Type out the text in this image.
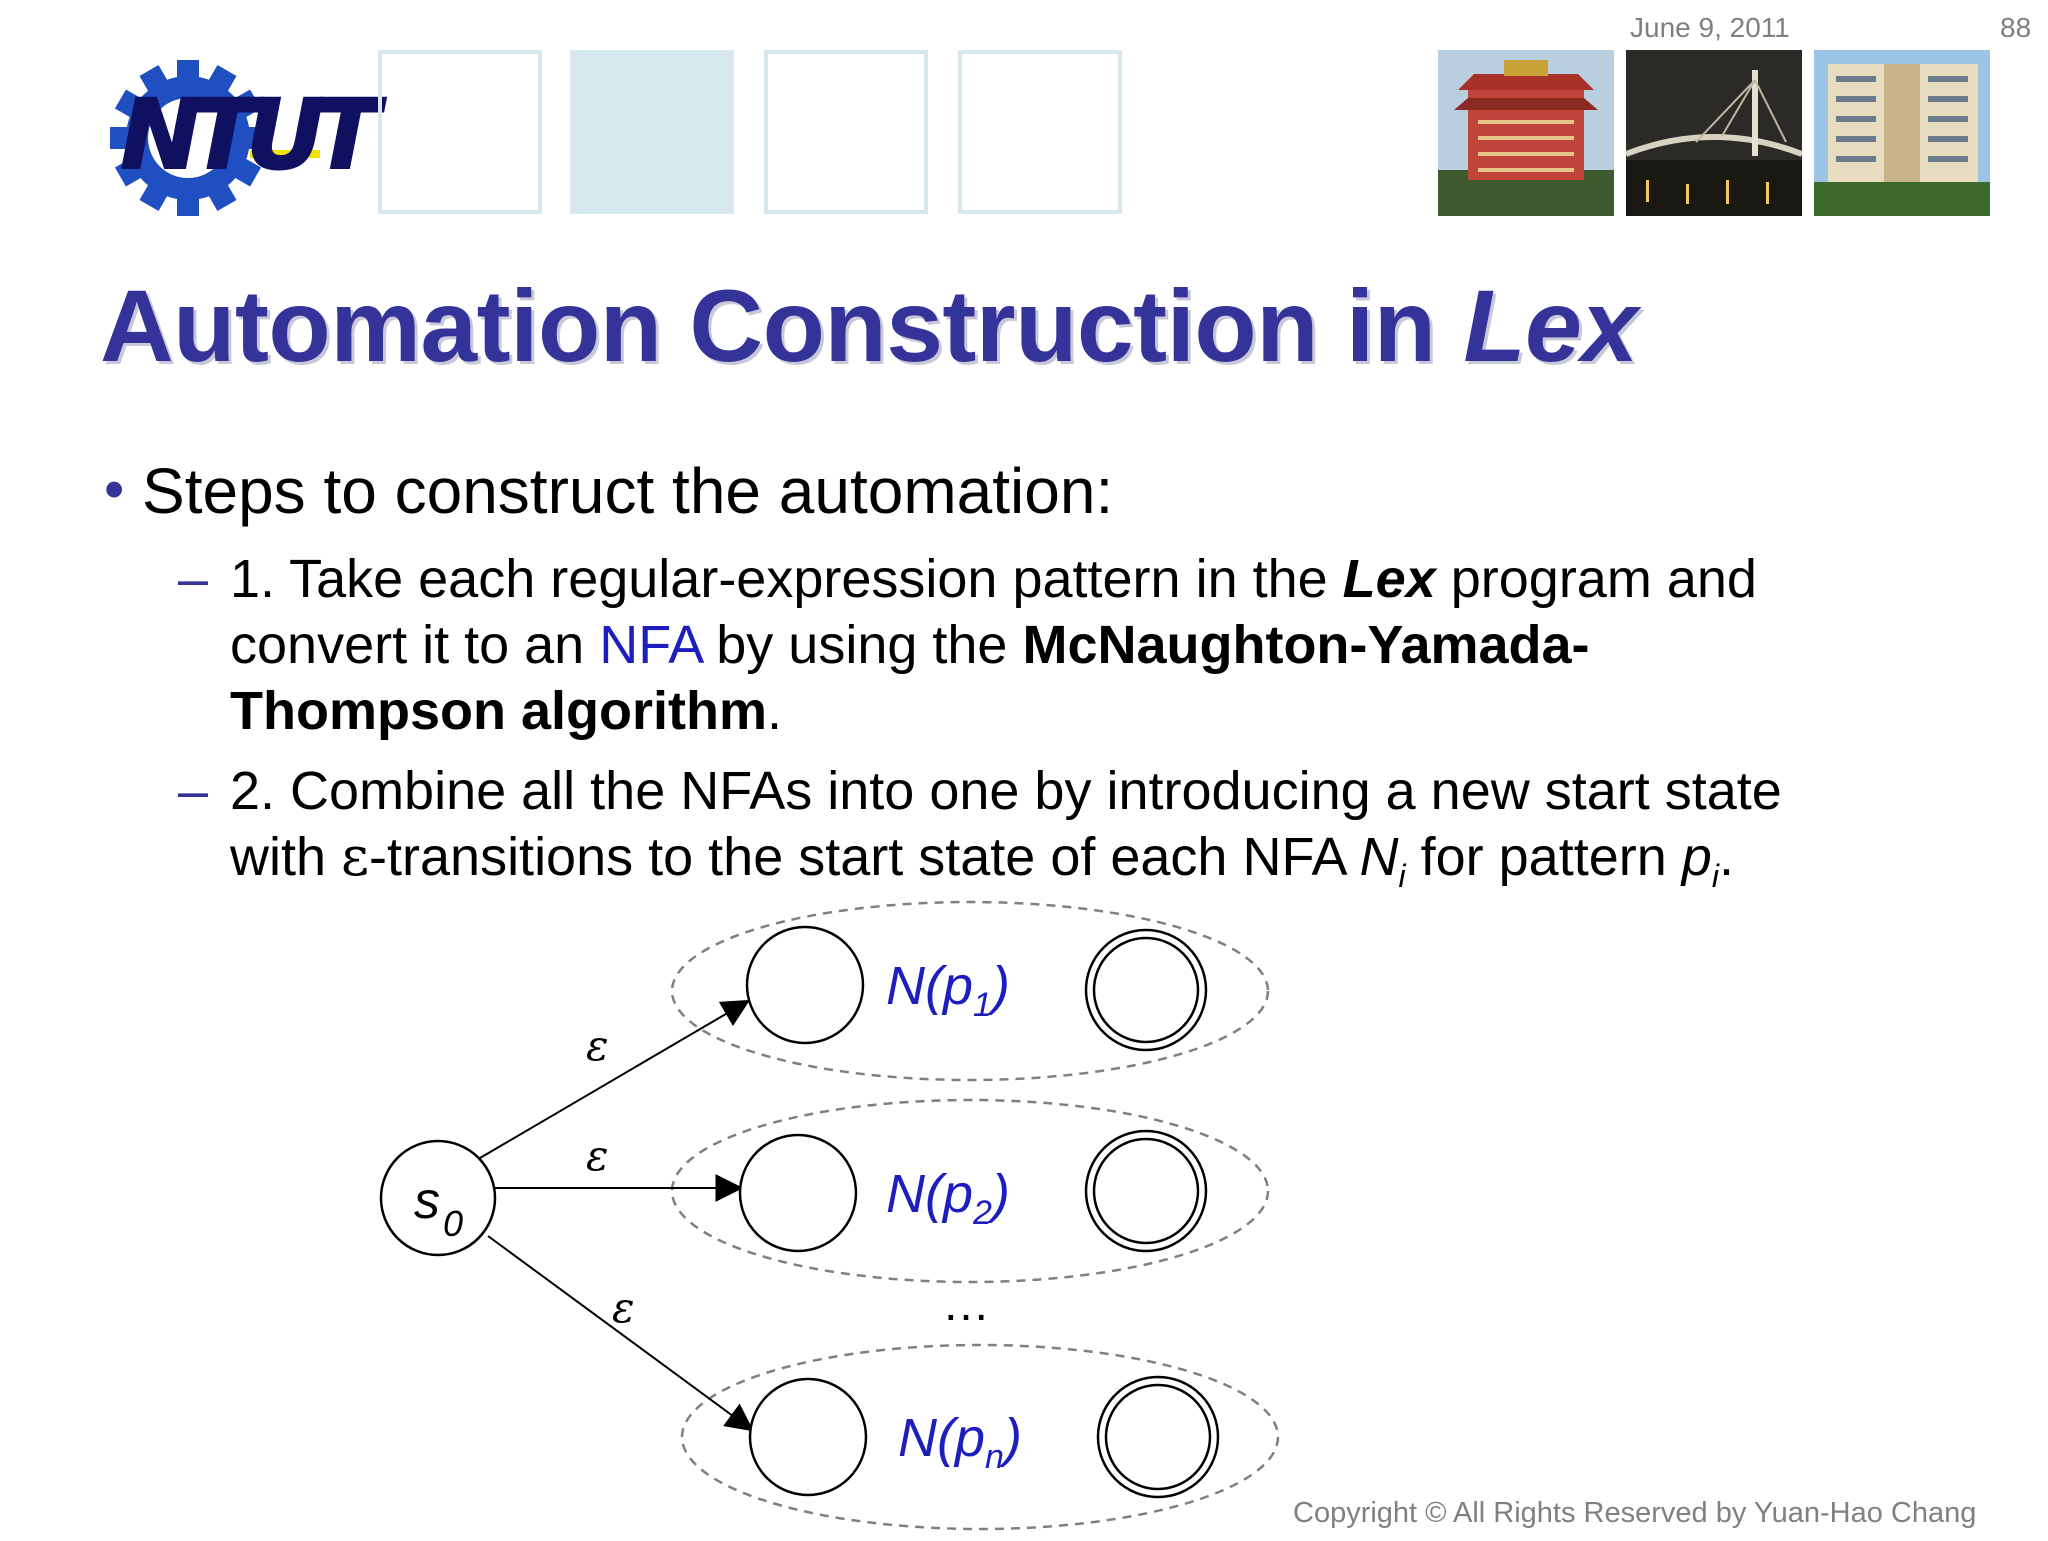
June 9, 2011	88
NTUT
Automation Construction in Lex
• Steps to construct the automation:
– 1. Take each regular-expression pattern in the Lex program and
convert it to an NFA by using the McNaughton-Yamada-
Thompson algorithm.
– 2. Combine all the NFAs into one by introducing a new start state
with ε-transitions to the start state of each NFA $N_i$ for pattern $p_i$.
s 0
ε
ε
ε
$N(p_1)$
$N(p_2)$
…
$N(p_n)$
Copyright © All Rights Reserved by Yuan-Hao Chang
